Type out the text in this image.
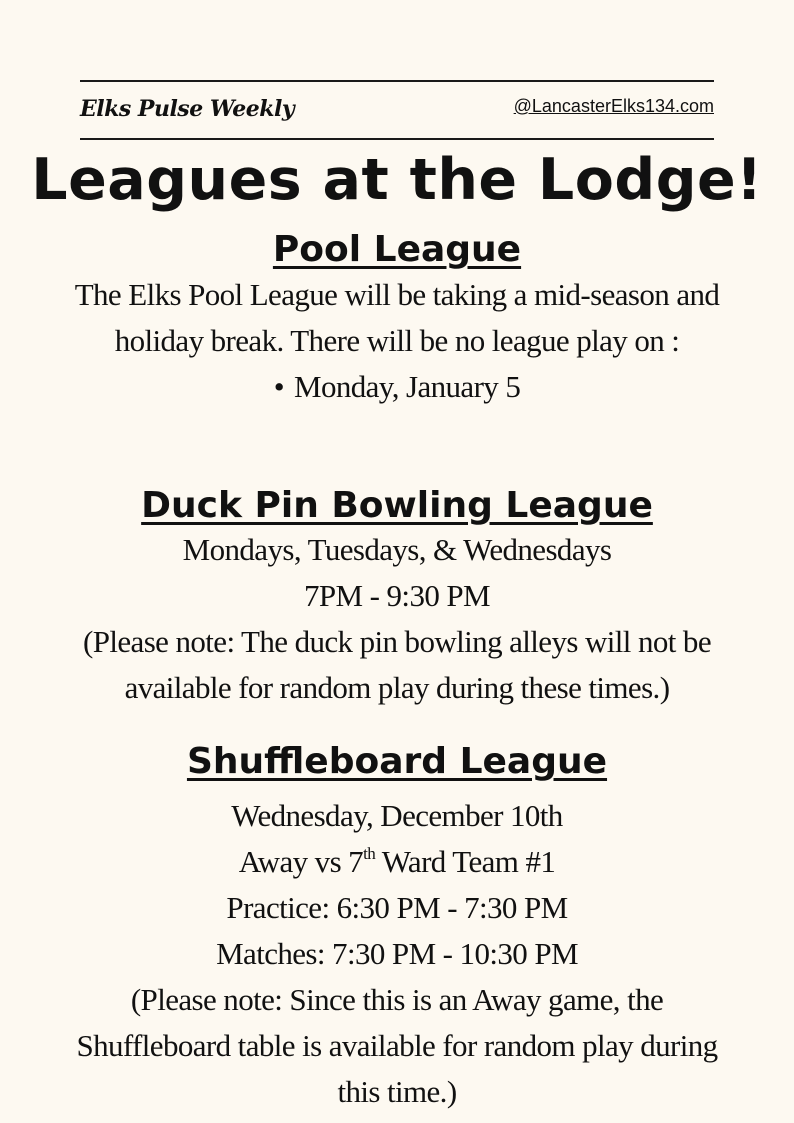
Elks Pulse Weekly	@LancasterElks134.com
Leagues at the Lodge!
Pool League
The Elks Pool League will be taking a mid-season and
holiday break. There will be no league play on :
• Monday, January 5
Duck Pin Bowling League
Mondays, Tuesdays, & Wednesdays
7PM - 9:30 PM
(Please note: The duck pin bowling alleys will not be
available for random play during these times.)
Shuffleboard League
Wednesday, December 10th
Away vs 7th Ward Team #1
Practice: 6:30 PM - 7:30 PM
Matches: 7:30 PM - 10:30 PM
(Please note: Since this is an Away game, the
Shuffleboard table is available for random play during
this time.)
